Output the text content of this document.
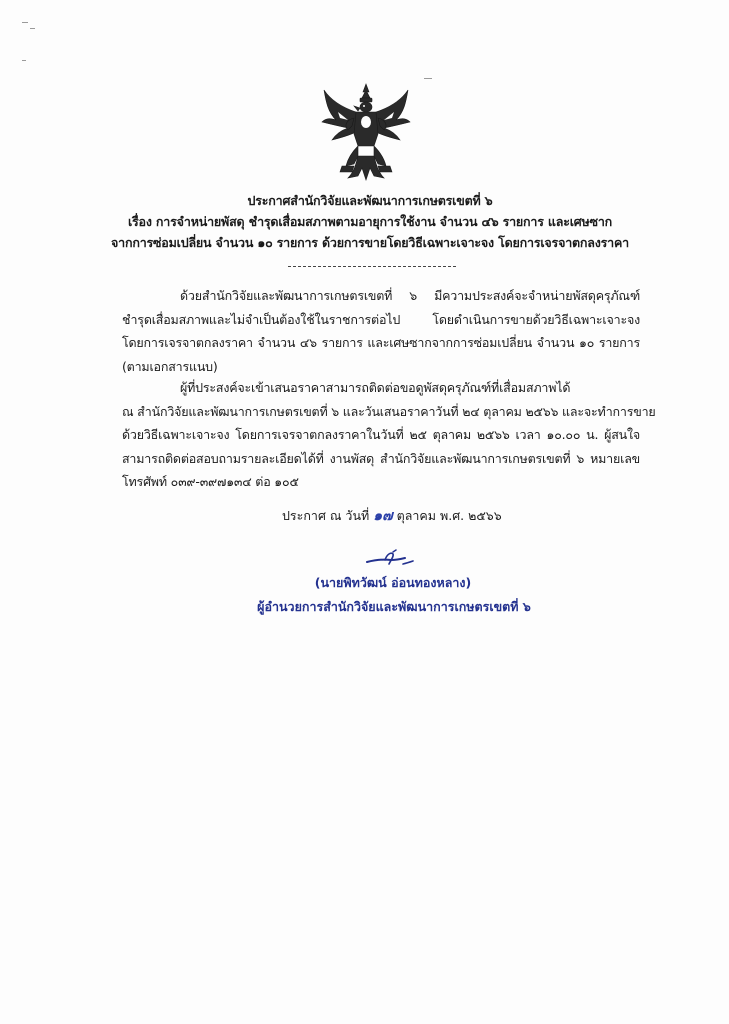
ประกาศสำนักวิจัยและพัฒนาการเกษตรเขตที่ ๖
เรื่อง การจำหน่ายพัสดุ ชำรุดเสื่อมสภาพตามอายุการใช้งาน จำนวน ๔๖ รายการ และเศษซาก
จากการซ่อมเปลี่ยน จำนวน ๑๐ รายการ ด้วยการขายโดยวิธีเฉพาะเจาะจง โดยการเจรจาตกลงราคา
ด้วยสำนักวิจัยและพัฒนาการเกษตรเขตที่ ๖ มีความประสงค์จะจำหน่ายพัสดุครุภัณฑ์
ชำรุดเสื่อมสภาพและไม่จำเป็นต้องใช้ในราชการต่อไป โดยดำเนินการขายด้วยวิธีเฉพาะเจาะจง
โดยการเจรจาตกลงราคา จำนวน ๔๖ รายการ และเศษซากจากการซ่อมเปลี่ยน จำนวน ๑๐ รายการ
(ตามเอกสารแนบ)
ผู้ที่ประสงค์จะเข้าเสนอราคาสามารถติดต่อขอดูพัสดุครุภัณฑ์ที่เสื่อมสภาพได้
ณ สำนักวิจัยและพัฒนาการเกษตรเขตที่ ๖ และวันเสนอราคาวันที่ ๒๔ ตุลาคม ๒๕๖๖ และจะทำการขาย
ด้วยวิธีเฉพาะเจาะจง โดยการเจรจาตกลงราคาในวันที่ ๒๕ ตุลาคม ๒๕๖๖ เวลา ๑๐.๐๐ น. ผู้สนใจ
สามารถติดต่อสอบถามรายละเอียดได้ที่ งานพัสดุ สำนักวิจัยและพัฒนาการเกษตรเขตที่ ๖ หมายเลข
โทรศัพท์ ๐๓๙-๓๙๗๑๓๔ ต่อ ๑๐๕
ประกาศ ณ วันที่ ๑๗ ตุลาคม พ.ศ. ๒๕๖๖
(นายพิทวัฒน์ อ่อนทองหลาง)
ผู้อำนวยการสำนักวิจัยและพัฒนาการเกษตรเขตที่ ๖
